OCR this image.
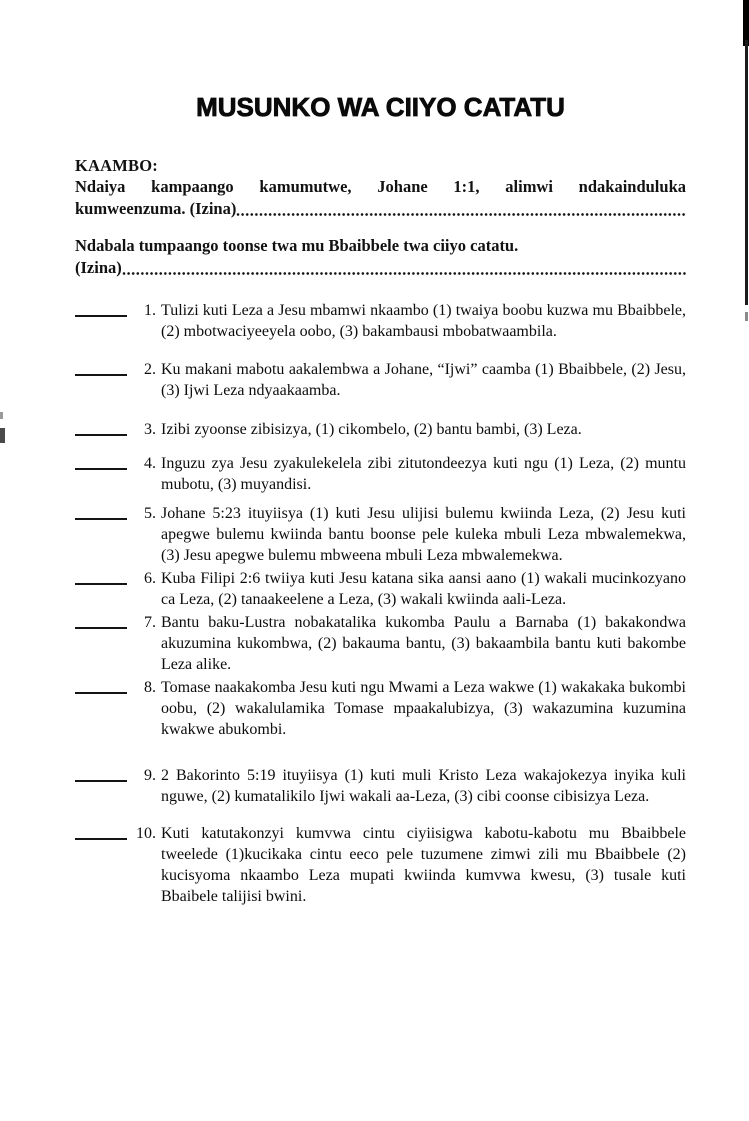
MUSUNKO WA CIIYO CATATU
KAAMBO:
Ndaiya kampaango kamumutwe, Johane 1:1, alimwi ndakainduluka
kumweenzuma. (Izina)
Ndabala tumpaango toonse twa mu Bbaibbele twa ciiyo catatu.
(Izina)
1. Tulizi kuti Leza a Jesu mbamwi nkaambo (1) twaiya boobu kuzwa mu Bbaibbele, (2) mbotwaciyeeyela oobo, (3) bakambausi mbobatwaambila.
2. Ku makani mabotu aakalembwa a Johane, “Ijwi” caamba (1) Bbaibbele, (2) Jesu, (3) Ijwi Leza ndyaakaamba.
3. Izibi zyoonse zibisizya, (1) cikombelo, (2) bantu bambi, (3) Leza.
4. Inguzu zya Jesu zyakulekelela zibi zitutondeezya kuti ngu (1) Leza, (2) muntu mubotu, (3) muyandisi.
5. Johane 5:23 ituyiisya (1) kuti Jesu ulijisi bulemu kwiinda Leza, (2) Jesu kuti apegwe bulemu kwiinda bantu boonse pele kuleka mbuli Leza mbwalemekwa, (3) Jesu apegwe bulemu mbweena mbuli Leza mbwalemekwa.
6. Kuba Filipi 2:6 twiiya kuti Jesu katana sika aansi aano (1) wakali mucinkozyano ca Leza, (2) tanaakeelene a Leza, (3) wakali kwiinda aali-Leza.
7. Bantu baku-Lustra nobakatalika kukomba Paulu a Barnaba (1) bakakondwa akuzumina kukombwa, (2) bakauma bantu, (3) bakaambila bantu kuti bakombe Leza alike.
8. Tomase naakakomba Jesu kuti ngu Mwami a Leza wakwe (1) wakakaka bukombi oobu, (2) wakalulamika Tomase mpaakalubizya, (3) wakazumina kuzumina kwakwe abukombi.
9. 2 Bakorinto 5:19 ituyiisya (1) kuti muli Kristo Leza wakajokezya inyika kuli nguwe, (2) kumatalikilo Ijwi wakali aa-Leza, (3) cibi coonse cibisizya Leza.
10. Kuti katutakonzyi kumvwa cintu ciyiisigwa kabotu-kabotu mu Bbaibbele tweelede (1)kucikaka cintu eeco pele tuzumene zimwi zili mu Bbaibbele (2) kucisyoma nkaambo Leza mupati kwiinda kumvwa kwesu, (3) tusale kuti Bbaibele talijisi bwini.
